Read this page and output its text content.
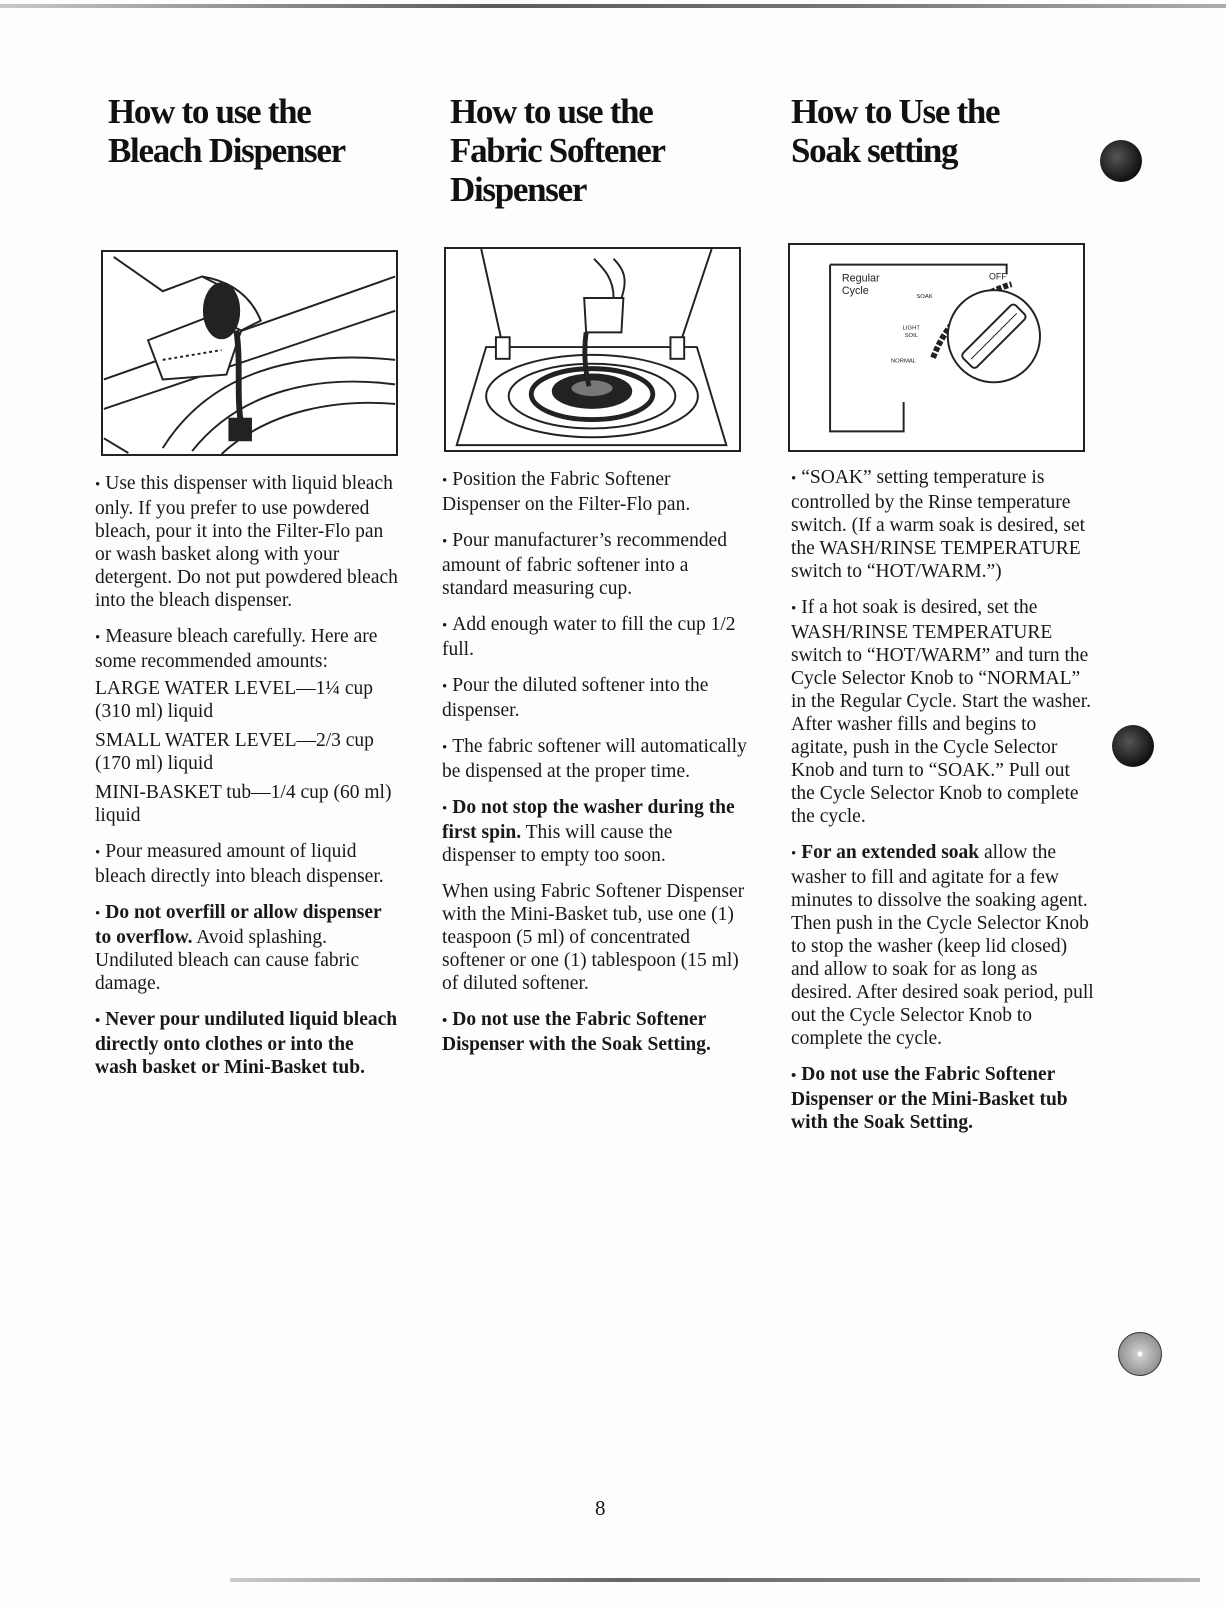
How to use the
Bleach Dispenser
How to use the
Fabric Softener
Dispenser
How to Use the
Soak setting
Regular
Cycle
OFF
SOAK
LIGHT
SOIL
NORMAL

• Use this dispenser with liquid bleach only. If you prefer to use powdered bleach, pour it into the Filter-Flo pan or wash basket along with your detergent. Do not put powdered bleach into the bleach dispenser.

• Measure bleach carefully. Here are some recommended amounts:

LARGE WATER LEVEL—1¼ cup (310 ml) liquid

SMALL WATER LEVEL—2/3 cup (170 ml) liquid

MINI-BASKET tub—1/4 cup (60 ml) liquid

• Pour measured amount of liquid bleach directly into bleach dispenser.

• Do not overfill or allow dispenser to overflow. Avoid splashing. Undiluted bleach can cause fabric damage.

• Never pour undiluted liquid bleach directly onto clothes or into the wash basket or Mini-Basket tub.

• Position the Fabric Softener Dispenser on the Filter-Flo pan.

• Pour manufacturer’s recommended amount of fabric softener into a standard measuring cup.

• Add enough water to fill the cup 1/2 full.

• Pour the diluted softener into the dispenser.

• The fabric softener will automatically be dispensed at the proper time.

• Do not stop the washer during the first spin. This will cause the dispenser to empty too soon.

When using Fabric Softener Dispenser with the Mini-Basket tub, use one (1) teaspoon (5 ml) of concentrated softener or one (1) tablespoon (15 ml) of diluted softener.

• Do not use the Fabric Softener Dispenser with the Soak Setting.

• “SOAK” setting temperature is controlled by the Rinse temperature switch. (If a warm soak is desired, set the WASH/RINSE TEMPERATURE switch to “HOT/WARM.”)

• If a hot soak is desired, set the WASH/RINSE TEMPERATURE switch to “HOT/WARM” and turn the Cycle Selector Knob to “NORMAL” in the Regular Cycle. Start the washer. After washer fills and begins to agitate, push in the Cycle Selector Knob and turn to “SOAK.” Pull out the Cycle Selector Knob to complete the cycle.

• For an extended soak allow the washer to fill and agitate for a few minutes to dissolve the soaking agent. Then push in the Cycle Selector Knob to stop the washer (keep lid closed) and allow to soak for as long as desired. After desired soak period, pull out the Cycle Selector Knob to complete the cycle.

• Do not use the Fabric Softener Dispenser or the Mini-Basket tub with the Soak Setting.

8
